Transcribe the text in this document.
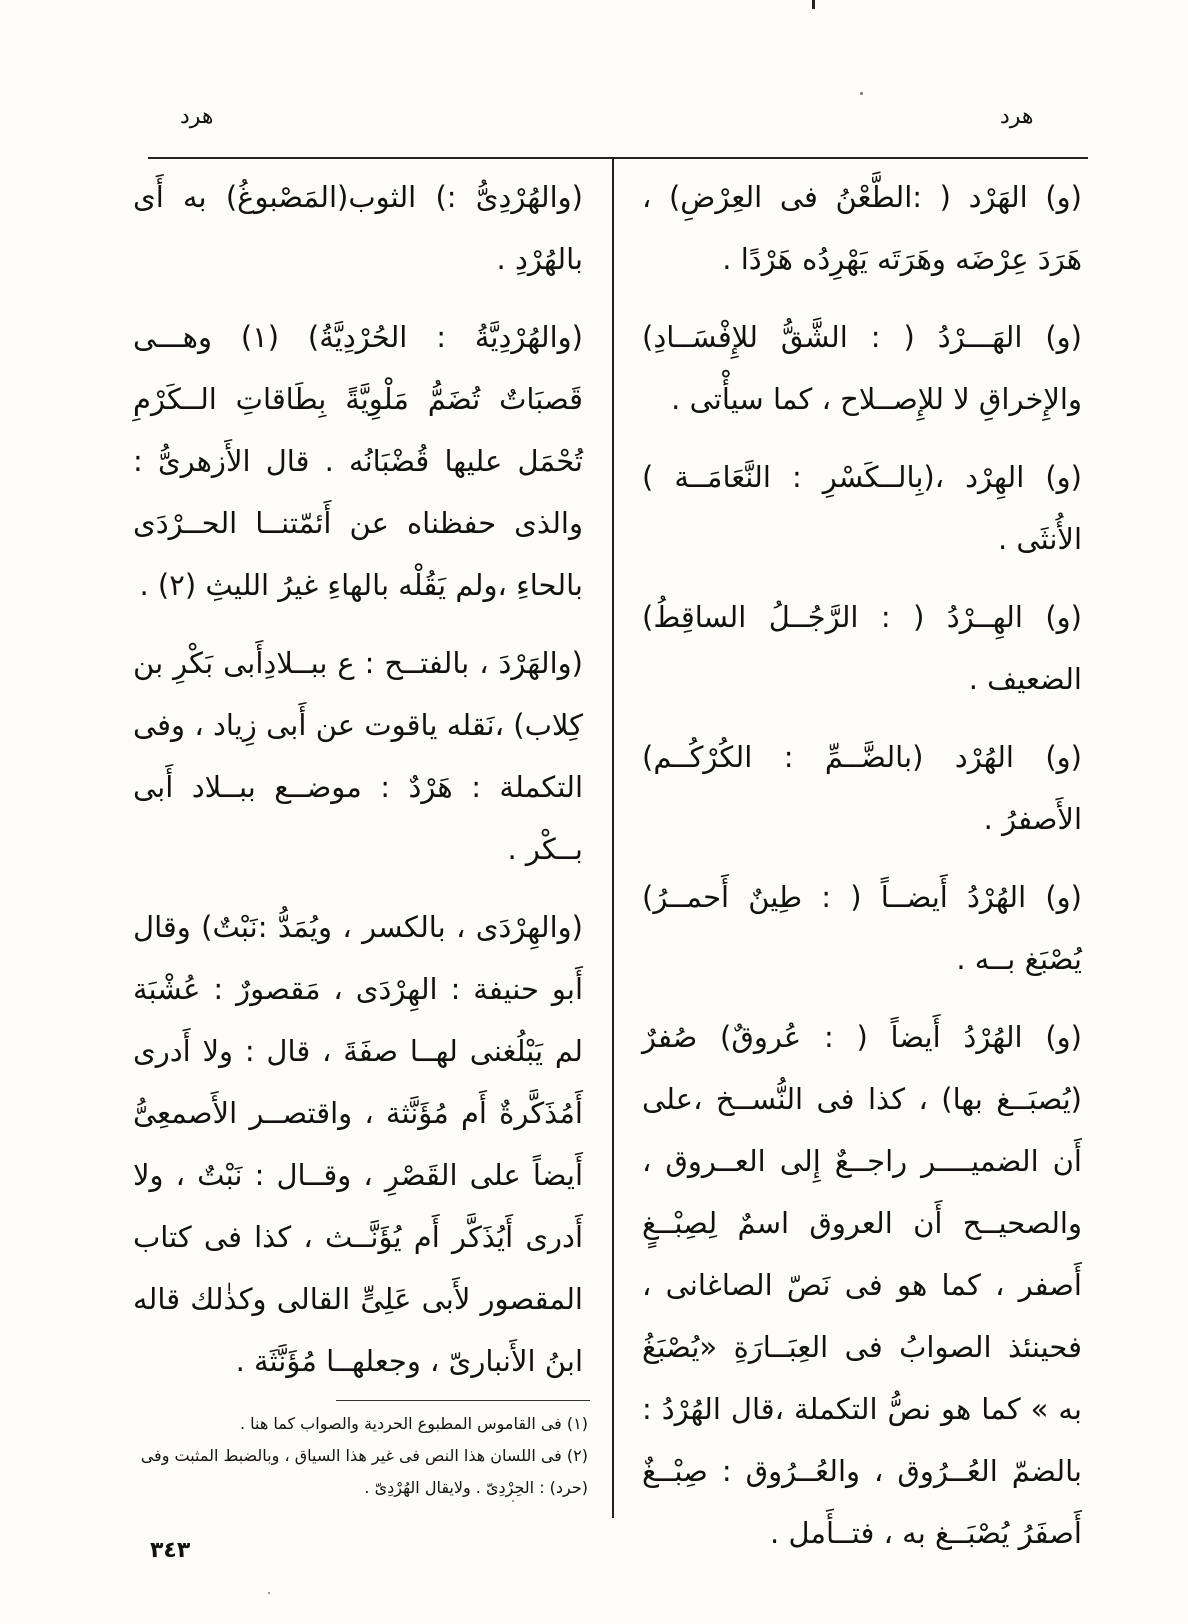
هرد
هرد

(و) الهَرْد ( :الطَّعْنُ فى العِرْضِ) ، هَرَدَ عِرْضَه وهَرَتَه يَهْرِدُه هَرْدًا .

(و) الهَـــرْدُ ( : الشَّقُّ للإِفْسَــادِ) والإِخراقِ لا للإِصــلاح ، كما سيأْتى .

(و) الهِرْد ،(بِالــكَسْرِ : النَّعَامَــة ) الأُنثَى .

(و) الهِــرْدُ ( : الرَّجُــلُ الساقِطُ) الضعيف .

(و) الهُرْد (بالضَّــمِّ : الكُرْكُــم) الأَصفرُ .

(و) الهُرْدُ أَيضــاً ( : طِينٌ أَحمــرُ) يُصْبَغ بــه .

(و) الهُرْدُ أَيضاً ( : عُروقٌ) صُفرٌ (يُصبَــغ بها) ، كذا فى النُّســخ ،على أَن الضميــــر راجــعٌ إِلى العــروق ، والصحيــح أَن العروق اسمٌ لِصِبْــغٍ أَصفر ، كما هو فى نَصّ الصاغانى ، فحينئذ الصوابُ فى العِبَــارَةِ «يُصْبَغُ به » كما هو نصُّ التكملة ،قال الهُرْدُ : بالضمّ العُــرُوق ، والعُــرُوق : صِبْــغٌ أَصفَرُ يُصْبَــغ به ، فتــأَمل .

(والهُرْدِىُّ :) الثوب(المَصْبوغُ) به أَى بالهُرْدِ .

(والهُرْدِيَّةُ : الحُرْدِيَّةُ) (١) وهـــى قَصبَاتٌ تُضَمُّ مَلْوِيَّةً بِطَاقاتِ الــكَرْمِ تُحْمَل عليها قُضْبَانُه . قال الأَزهرىُّ : والذى حفظناه عن أَئمّتنــا الحــرْدَى بالحاءِ ،ولم يَقُلْه بالهاءِ غيرُ الليثِ (٢) .

(والهَرْدَ ، بالفتــح : ع ببــلادِأَبى بَكْرِ بن كِلاب) ،نَقله ياقوت عن أَبى زِياد ، وفى التكملة : هَرْدٌ : موضــع ببــلاد أَبى بــكْر .

(والهِرْدَى ، بالكسر ، ويُمَدُّ :نَبْتٌ) وقال أَبو حنيفة : الهِرْدَى ، مَقصورٌ : عُشْبَة لم يَبْلُغنى لهــا صفَةَ ، قال : ولا أَدرى أَمُذَكَّرةٌ أَم مُؤَنَّثة ، واقتصــر الأَصمعِىُّ أَيضاً على القَصْرِ ، وقــال : نَبْتٌ ، ولا أَدرى أَيُذَكَّر أَم يُؤَنَّــث ، كذا فى كتاب المقصور لأَبى عَلِىٍّ القالى وكذٰلك قاله ابنُ الأَنبارىّ ، وجعلهــا مُؤَنَّثَة .

(١) فى القاموس المطبوع الحردية والصواب كما هنا .

(٢) فى اللسان هذا النص فى غير هذا السياق ، وبالضبط المثبت وفى (حرد) : الحِرْدِىّ . ولايقال الهُرْدِىّ .

٣٤٣
